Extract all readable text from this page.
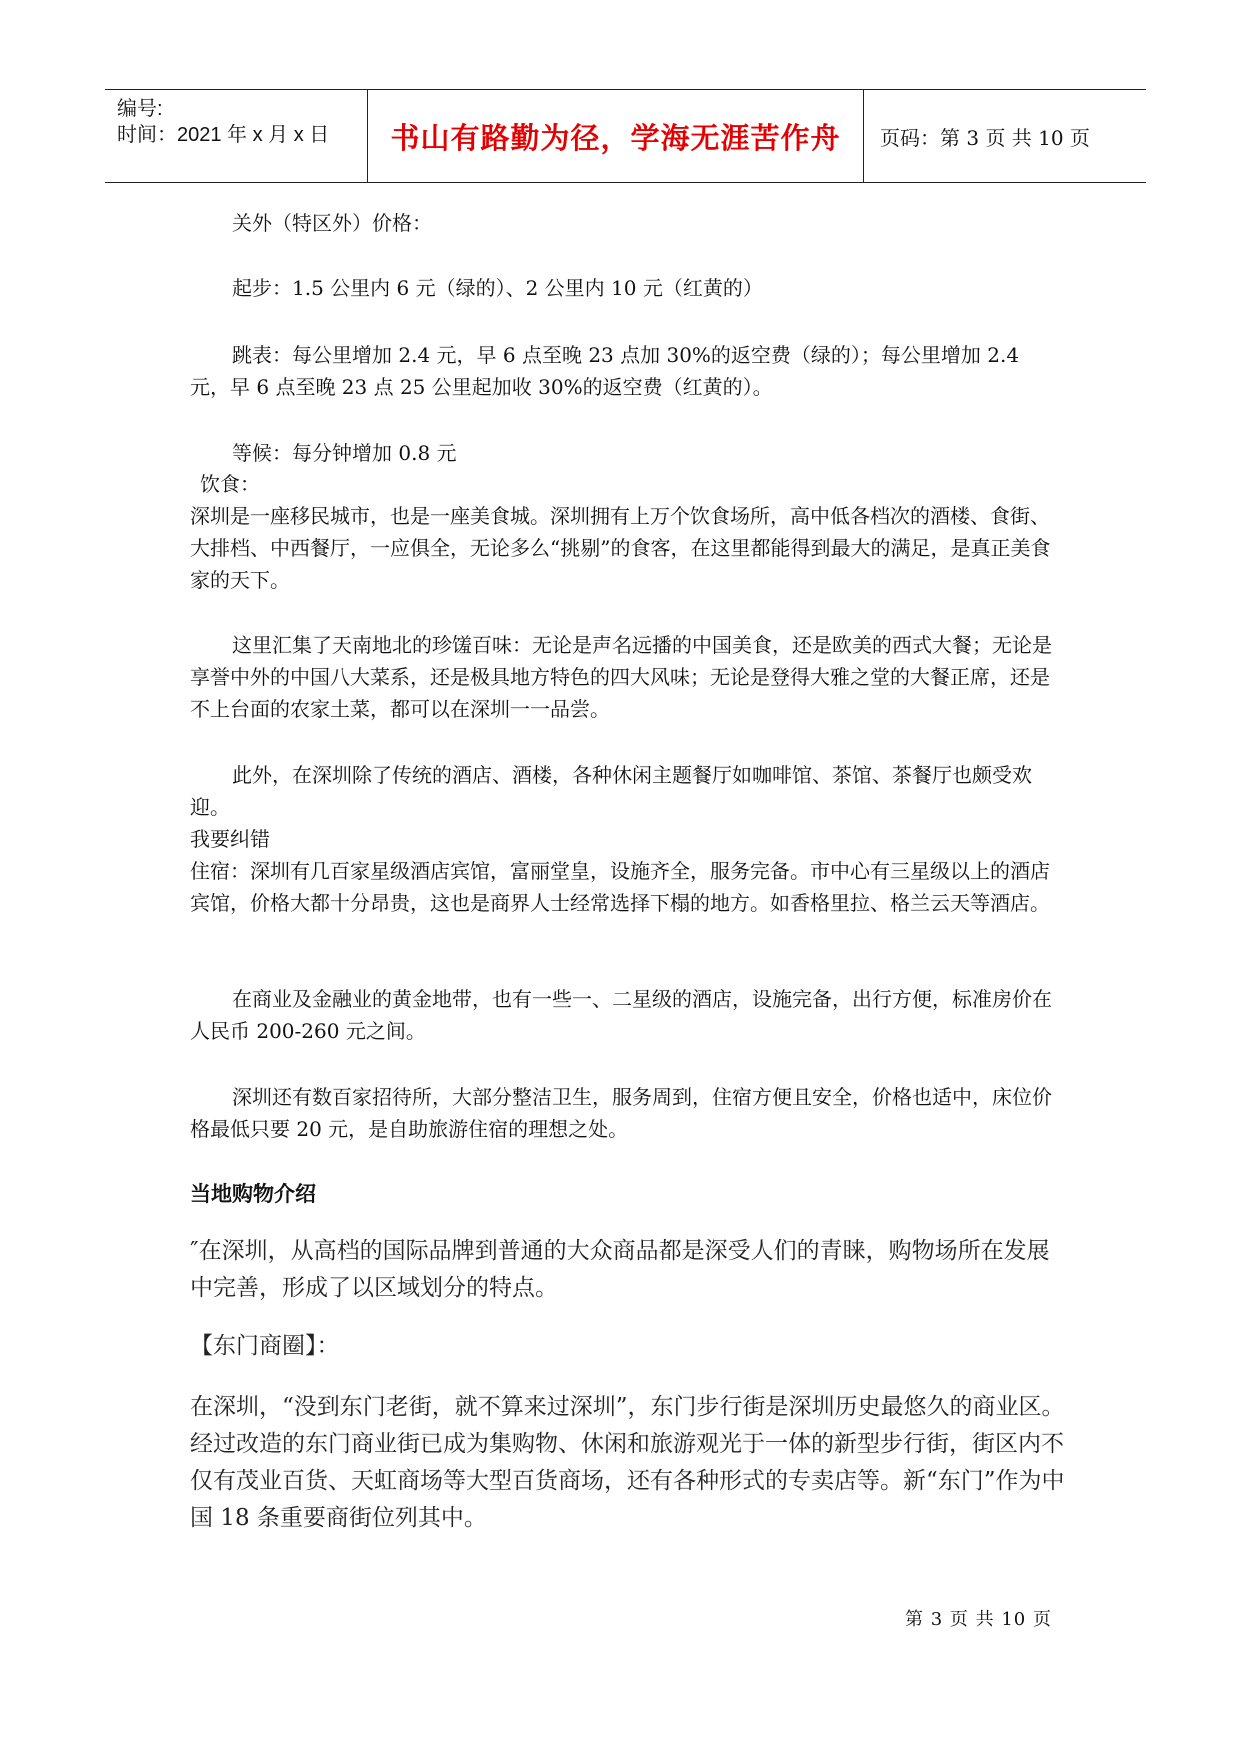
编号:
时间：2021 年 x 月 x 日 书山有路勤为径，学海无涯苦作舟 页码：第 3 页 共 10 页

关外（特区外）价格：

起步：1.5 公里内 6 元（绿的）、2 公里内 10 元（红黄的）

跳表：每公里增加 2.4 元，早 6 点至晚 23 点加 30%的返空费（绿的）；每公里增加 2.4 元，早 6 点至晚 23 点 25 公里起加收 30%的返空费（红黄的）。

等候：每分钟增加 0.8 元

饮食：

深圳是一座移民城市，也是一座美食城。深圳拥有上万个饮食场所，高中低各档次的酒楼、食街、大排档、中西餐厅，一应俱全，无论多么“挑剔”的食客，在这里都能得到最大的满足，是真正美食家的天下。

这里汇集了天南地北的珍馐百味：无论是声名远播的中国美食，还是欧美的西式大餐；无论是享誉中外的中国八大菜系，还是极具地方特色的四大风味；无论是登得大雅之堂的大餐正席，还是不上台面的农家土菜，都可以在深圳一一品尝。

此外，在深圳除了传统的酒店、酒楼，各种休闲主题餐厅如咖啡馆、茶馆、茶餐厅也颇受欢迎。

我要纠错

住宿：深圳有几百家星级酒店宾馆，富丽堂皇，设施齐全，服务完备。市中心有三星级以上的酒店宾馆，价格大都十分昂贵，这也是商界人士经常选择下榻的地方。如香格里拉、格兰云天等酒店。

在商业及金融业的黄金地带，也有一些一、二星级的酒店，设施完备，出行方便，标准房价在人民币 200-260 元之间。

深圳还有数百家招待所，大部分整洁卫生，服务周到，住宿方便且安全，价格也适中，床位价格最低只要 20 元，是自助旅游住宿的理想之处。

当地购物介绍

″在深圳，从高档的国际品牌到普通的大众商品都是深受人们的青睐，购物场所在发展中完善，形成了以区域划分的特点。

【东门商圈】：

在深圳，“没到东门老街，就不算来过深圳”，东门步行街是深圳历史最悠久的商业区。经过改造的东门商业街已成为集购物、休闲和旅游观光于一体的新型步行街，街区内不仅有茂业百货、天虹商场等大型百货商场，还有各种形式的专卖店等。新“东门”作为中国 18 条重要商街位列其中。

第 3 页 共 10 页
